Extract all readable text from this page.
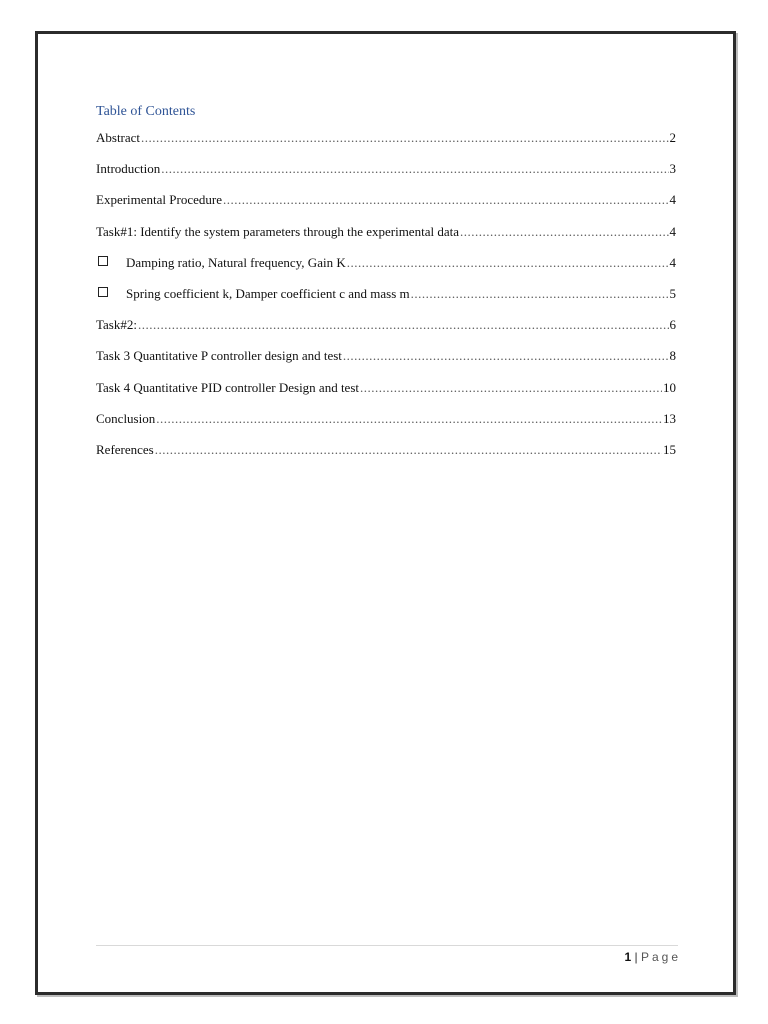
Table of Contents
Abstract .....	2
Introduction .....	3
Experimental Procedure .....	4
Task#1: Identify the system parameters through the experimental data .....	4
Damping ratio, Natural frequency, Gain K .....	4
Spring coefficient k, Damper coefficient c and mass m .....	5
Task#2: .....	6
Task 3 Quantitative P controller design and test .....	8
Task 4 Quantitative PID controller Design and test .....	10
Conclusion .....	13
References .....	15
1 | Page
